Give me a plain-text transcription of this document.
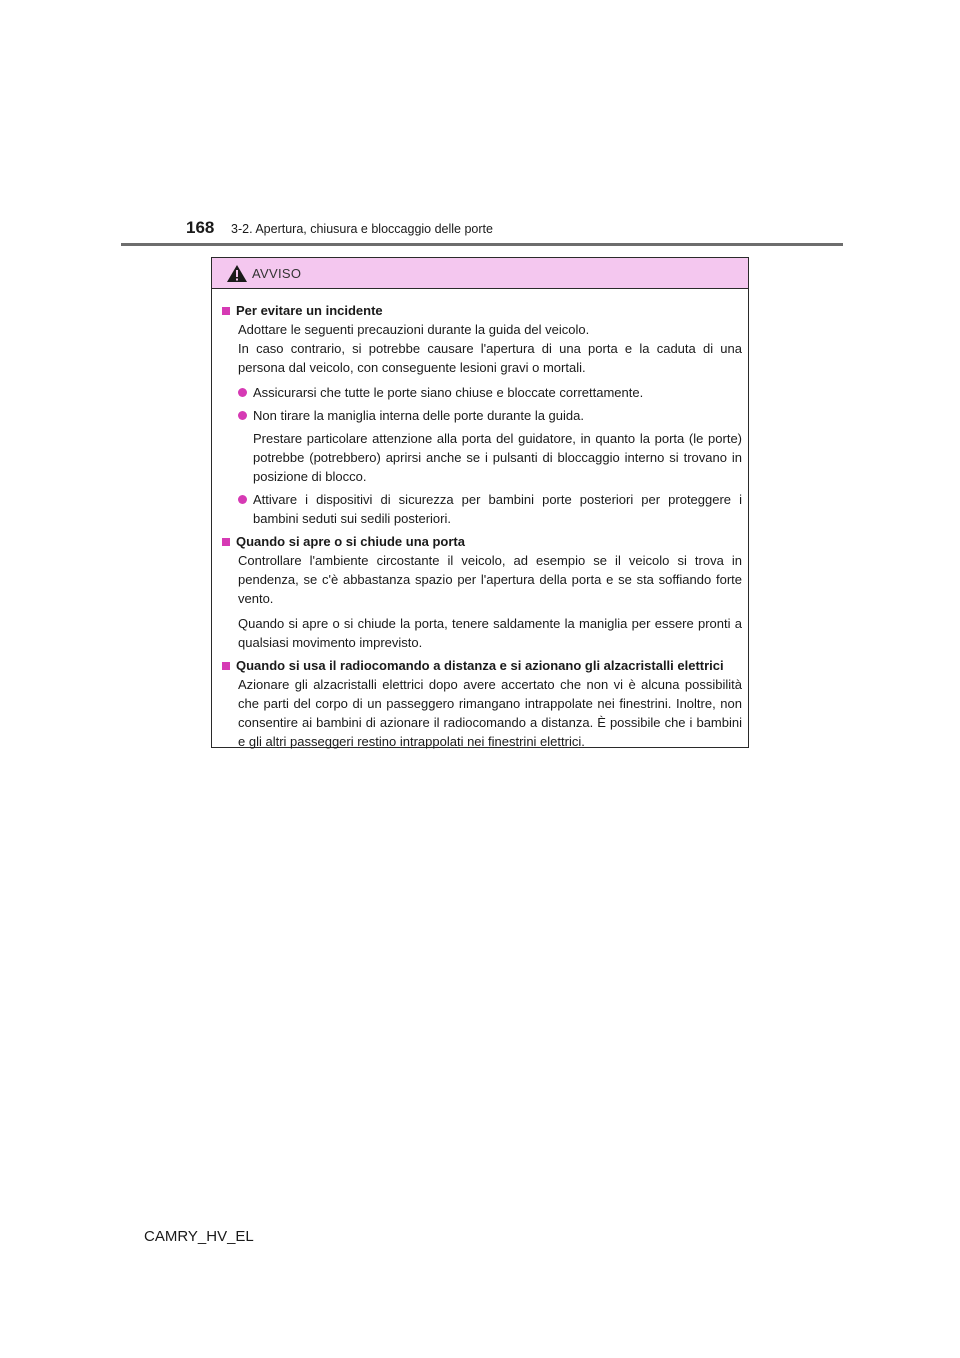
168 3-2. Apertura, chiusura e bloccaggio delle porte
AVVISO
Per evitare un incidente
Adottare le seguenti precauzioni durante la guida del veicolo.
In caso contrario, si potrebbe causare l'apertura di una porta e la caduta di una persona dal veicolo, con conseguente lesioni gravi o mortali.
Assicurarsi che tutte le porte siano chiuse e bloccate correttamente.
Non tirare la maniglia interna delle porte durante la guida.
Prestare particolare attenzione alla porta del guidatore, in quanto la porta (le porte) potrebbe (potrebbero) aprirsi anche se i pulsanti di bloccaggio interno si trovano in posizione di blocco.
Attivare i dispositivi di sicurezza per bambini porte posteriori per proteggere i bambini seduti sui sedili posteriori.
Quando si apre o si chiude una porta
Controllare l'ambiente circostante il veicolo, ad esempio se il veicolo si trova in pendenza, se c'è abbastanza spazio per l'apertura della porta e se sta soffiando forte vento.
Quando si apre o si chiude la porta, tenere saldamente la maniglia per essere pronti a qualsiasi movimento imprevisto.
Quando si usa il radiocomando a distanza e si azionano gli alzacristalli elettrici
Azionare gli alzacristalli elettrici dopo avere accertato che non vi è alcuna possibilità che parti del corpo di un passeggero rimangano intrappolate nei finestrini. Inoltre, non consentire ai bambini di azionare il radiocomando a distanza. È possibile che i bambini e gli altri passeggeri restino intrappolati nei finestrini elettrici.
CAMRY_HV_EL
